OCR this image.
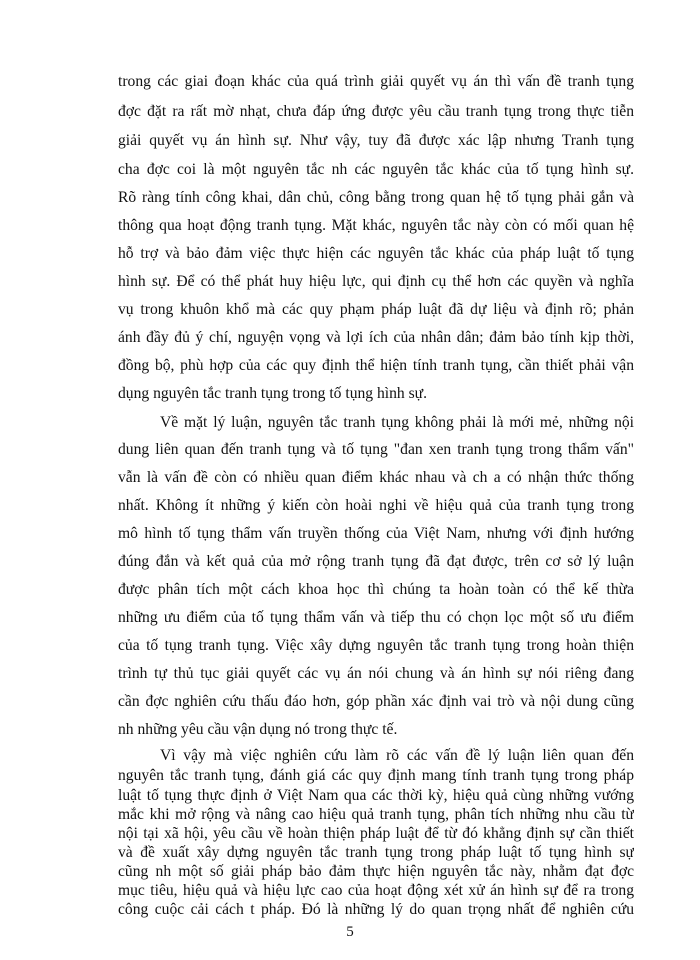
trong các giai đoạn khác của quá trình giải quyết vụ án thì vấn đề tranh tụng
đợc đặt ra rất mờ nhạt, chưa đáp ứng được yêu cầu tranh tụng trong thực tiễn
giải quyết vụ án hình sự. Như vậy, tuy đã được xác lập nhưng Tranh tụng
cha đợc coi là một nguyên tắc nh các nguyên tắc khác của tố tụng hình sự.
Rõ ràng tính công khai, dân chủ, công bằng trong quan hệ tố tụng phải gắn và
thông qua hoạt động tranh tụng. Mặt khác, nguyên tắc này còn có mối quan hệ
hỗ trợ và bảo đảm việc thực hiện các nguyên tắc khác của pháp luật tố tụng
hình sự. Để có thể phát huy hiệu lực, qui định cụ thể hơn các quyền và nghĩa
vụ trong khuôn khổ mà các quy phạm pháp luật đã dự liệu và định rõ; phản
ánh đầy đủ ý chí, nguyện vọng và lợi ích của nhân dân; đảm bảo tính kịp thời,
đồng bộ, phù hợp của các quy định thể hiện tính tranh tụng, cần thiết phải vận
dụng nguyên tắc tranh tụng trong tố tụng hình sự.
Về mặt lý luận, nguyên tắc tranh tụng không phải là mới mẻ, những nội
dung liên quan đến tranh tụng và tố tụng "đan xen tranh tụng trong thẩm vấn"
vẫn là vấn đề còn có nhiều quan điểm khác nhau và ch a có nhận thức thống
nhất. Không ít những ý kiến còn hoài nghi về hiệu quả của tranh tụng trong
mô hình tố tụng thẩm vấn truyền thống của Việt Nam, nhưng với định hướng
đúng đắn và kết quả của mở rộng tranh tụng đã đạt được, trên cơ sở lý luận
được phân tích một cách khoa học thì chúng ta hoàn toàn có thể kế thừa
những ưu điểm của tố tụng thẩm vấn và tiếp thu có chọn lọc một số ưu điểm
của tố tụng tranh tụng. Việc xây dựng nguyên tắc tranh tụng trong hoàn thiện
trình tự thủ tục giải quyết các vụ án nói chung và án hình sự nói riêng đang
cần đợc nghiên cứu thấu đáo hơn, góp phần xác định vai trò và nội dung cũng
nh những yêu cầu vận dụng nó trong thực tế.
Vì vậy mà việc nghiên cứu làm rõ các vấn đề lý luận liên quan đến
nguyên tắc tranh tụng, đánh giá các quy định mang tính tranh tụng trong pháp
luật tố tụng thực định ở Việt Nam qua các thời kỳ, hiệu quả cùng những vướng
mắc khi mở rộng và nâng cao hiệu quả tranh tụng, phân tích những nhu cầu từ
nội tại xã hội, yêu cầu về hoàn thiện pháp luật để từ đó khẳng định sự cần thiết
và đề xuất xây dựng nguyên tắc tranh tụng trong pháp luật tố tụng hình sự
cũng nh một số giải pháp bảo đảm thực hiện nguyên tắc này, nhằm đạt đợc
mục tiêu, hiệu quả và hiệu lực cao của hoạt động xét xử án hình sự để ra trong
công cuộc cải cách t pháp. Đó là những lý do quan trọng nhất để nghiên cứu
5
